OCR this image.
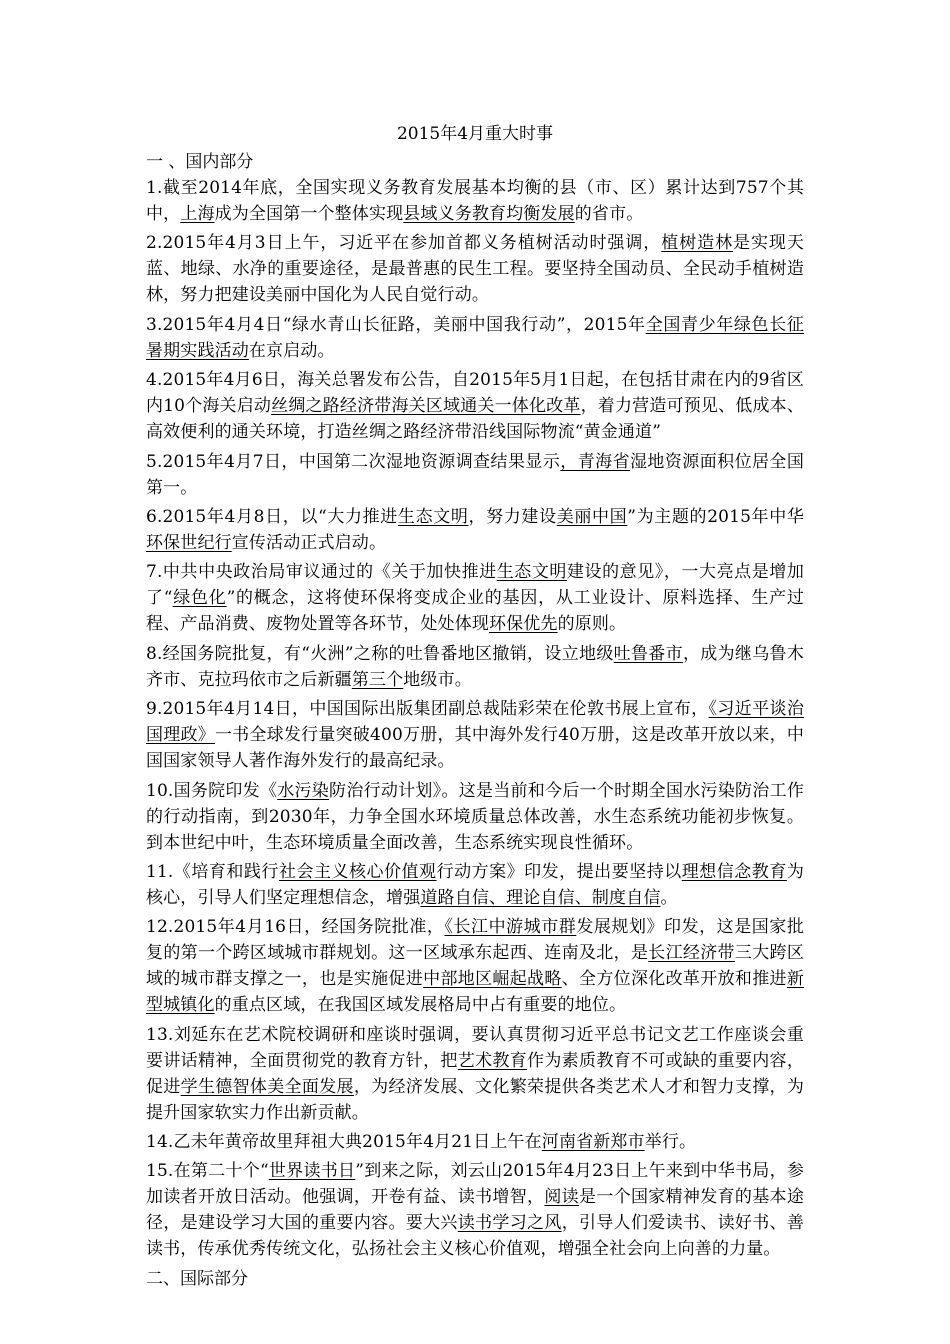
2015年4月重大时事
一 、国内部分

1.截至2014年底，全国实现义务教育发展基本均衡的县（市、区）累计达到757个其中，上海成为全国第一个整体实现县域义务教育均衡发展的省市。

2.2015年4月3日上午，习近平在参加首都义务植树活动时强调，植树造林是实现天蓝、地绿、水净的重要途径，是最普惠的民生工程。要坚持全国动员、全民动手植树造林，努力把建设美丽中国化为人民自觉行动。

3.2015年4月4日“绿水青山长征路，美丽中国我行动”，2015年全国青少年绿色长征暑期实践活动在京启动。

4.2015年4月6日，海关总署发布公告，自2015年5月1日起，在包括甘肃在内的9省区内10个海关启动丝绸之路经济带海关区域通关一体化改革，着力营造可预见、低成本、高效便利的通关环境，打造丝绸之路经济带沿线国际物流“黄金通道”

5.2015年4月7日，中国第二次湿地资源调查结果显示，青海省湿地资源面积位居全国第一。

6.2015年4月8日，以“大力推进生态文明，努力建设美丽中国”为主题的2015年中华环保世纪行宣传活动正式启动。

7.中共中央政治局审议通过的《关于加快推进生态文明建设的意见》，一大亮点是增加了“绿色化”的概念，这将使环保将变成企业的基因，从工业设计、原料选择、生产过程、产品消费、废物处置等各环节，处处体现环保优先的原则。

8.经国务院批复，有“火洲”之称的吐鲁番地区撤销，设立地级吐鲁番市，成为继乌鲁木齐市、克拉玛依市之后新疆第三个地级市。

9.2015年4月14日，中国国际出版集团副总裁陆彩荣在伦敦书展上宣布，《习近平谈治国理政》一书全球发行量突破400万册，其中海外发行40万册，这是改革开放以来，中国国家领导人著作海外发行的最高纪录。

10.国务院印发《水污染防治行动计划》。这是当前和今后一个时期全国水污染防治工作的行动指南，到2030年，力争全国水环境质量总体改善，水生态系统功能初步恢复。到本世纪中叶，生态环境质量全面改善，生态系统实现良性循环。

11.《培育和践行社会主义核心价值观行动方案》印发，提出要坚持以理想信念教育为核心，引导人们坚定理想信念，增强道路自信、理论自信、制度自信。

12.2015年4月16日，经国务院批准，《长江中游城市群发展规划》印发，这是国家批复的第一个跨区域城市群规划。这一区域承东起西、连南及北，是长江经济带三大跨区域的城市群支撑之一，也是实施促进中部地区崛起战略、全方位深化改革开放和推进新型城镇化的重点区域，在我国区域发展格局中占有重要的地位。

13.刘延东在艺术院校调研和座谈时强调，要认真贯彻习近平总书记文艺工作座谈会重要讲话精神，全面贯彻党的教育方针，把艺术教育作为素质教育不可或缺的重要内容，促进学生德智体美全面发展，为经济发展、文化繁荣提供各类艺术人才和智力支撑，为提升国家软实力作出新贡献。

14.乙未年黄帝故里拜祖大典2015年4月21日上午在河南省新郑市举行。

15.在第二十个“世界读书日”到来之际，刘云山2015年4月23日上午来到中华书局，参加读者开放日活动。他强调，开卷有益、读书增智，阅读是一个国家精神发育的基本途径，是建设学习大国的重要内容。要大兴读书学习之风，引导人们爱读书、读好书、善读书，传承优秀传统文化，弘扬社会主义核心价值观，增强全社会向上向善的力量。

二、国际部分
